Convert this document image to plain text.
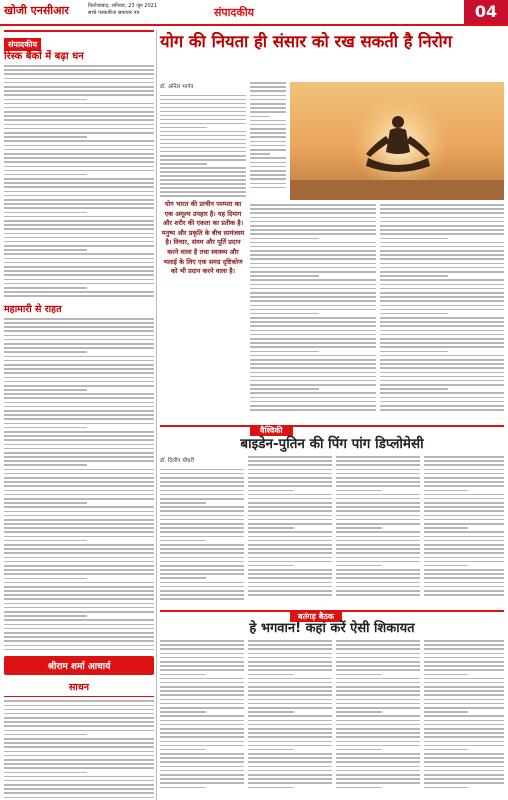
खोजी एनसीआर	फिरोजाबाद, शनिवार, 23 जून 2021
सच्चे पत्रकारिता समाचार पत्र	संपादकीय	04
संपादकीय
रिस्क बैंकों में बढ़ा धन
महामारी से राहत
श्रीराम शर्मा आचार्य
साधन
योग की नियता ही संसार को रख सकती है निरोग
डॉ. अनिल भार्गव
योग भारत की प्राचीन परम्परा का एक अमूल्य उपहार है। यह दिमाग और शरीर की एकता का प्रतीक है। मनुष्य और प्रकृति के बीच सामंजस्य है। विचार, संयम और पूर्ति प्रदान करने वाला है तथा स्वास्थ्य और भलाई के लिए एक समग्र दृष्टिकोण को भी प्रदान करने वाला है।
वैश्विकी
बाइडेन-पुतिन की पिंग पांग डिप्लोमेसी
डॉ. दिलीप चौधरी
बतंगड़ बैठक
हे भगवान! कहां करें ऐसी शिकायत
